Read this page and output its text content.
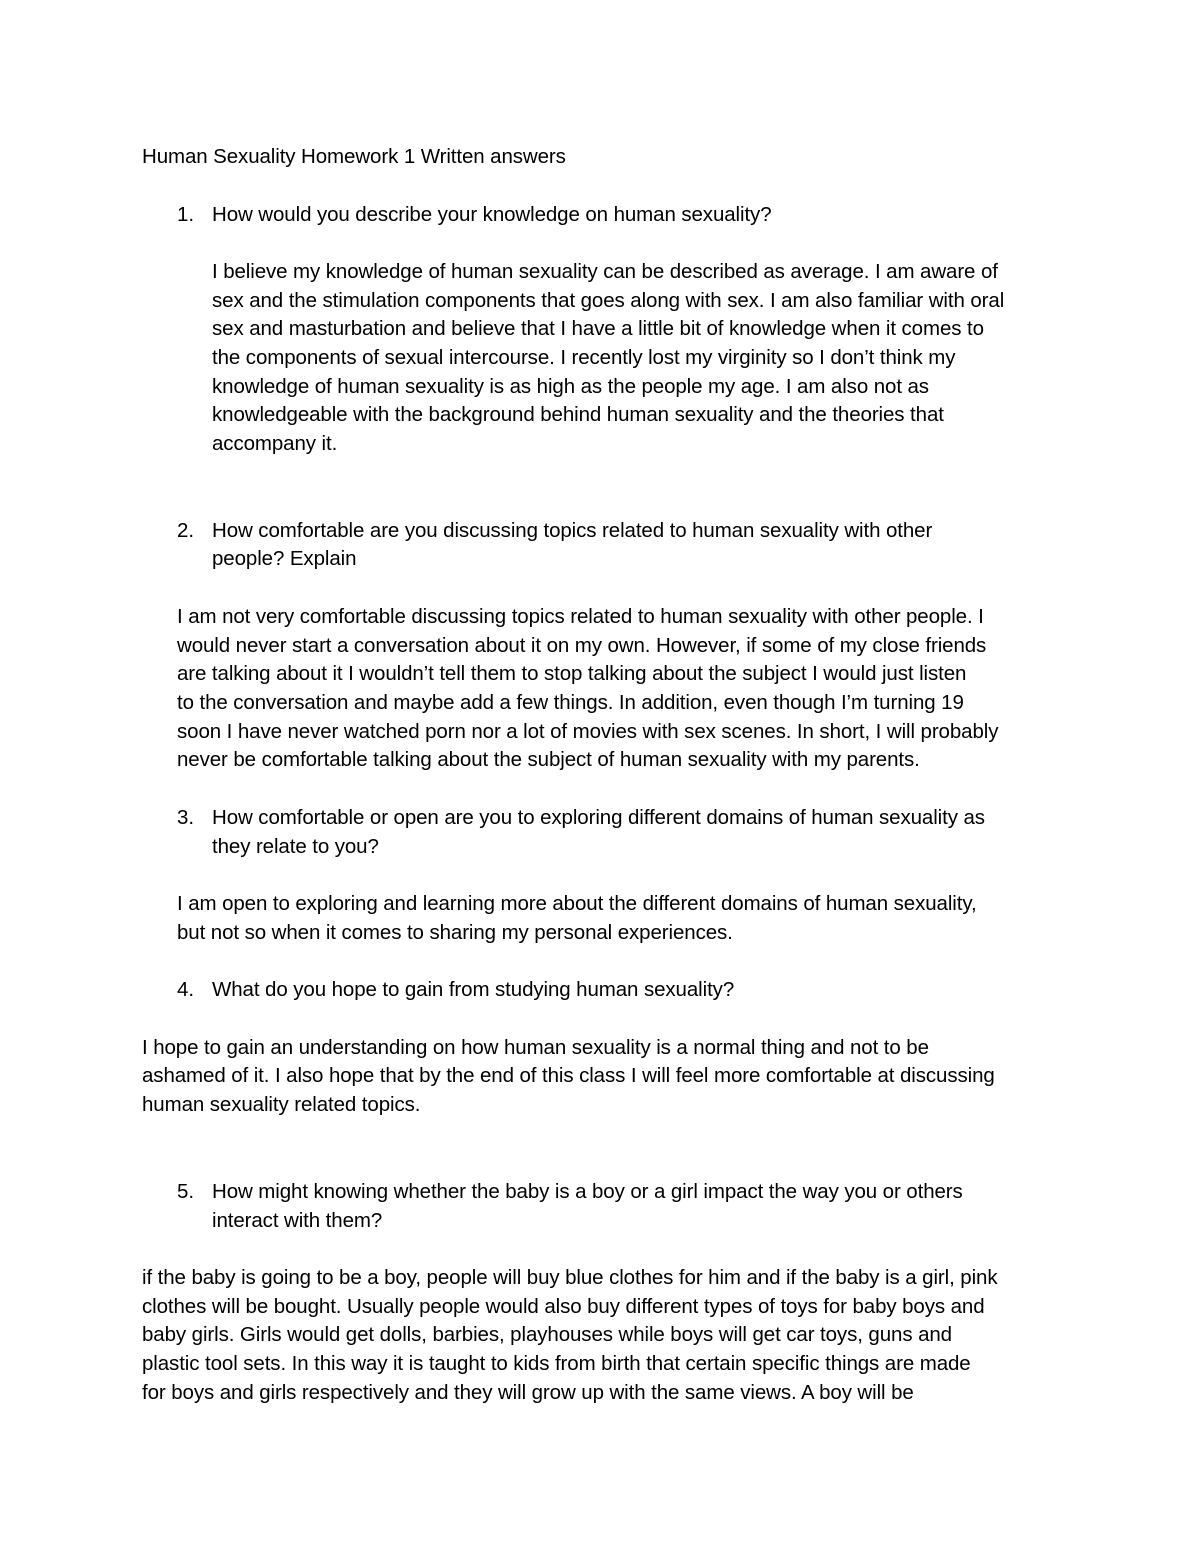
Human Sexuality Homework 1 Written answers
1. How would you describe your knowledge on human sexuality?
I believe my knowledge of human sexuality can be described as average. I am aware of
sex and the stimulation components that goes along with sex. I am also familiar with oral
sex and masturbation and believe that I have a little bit of knowledge when it comes to
the components of sexual intercourse. I recently lost my virginity so I don’t think my
knowledge of human sexuality is as high as the people my age. I am also not as
knowledgeable with the background behind human sexuality and the theories that
accompany it.
2. How comfortable are you discussing topics related to human sexuality with other
people? Explain
I am not very comfortable discussing topics related to human sexuality with other people. I
would never start a conversation about it on my own. However, if some of my close friends
are talking about it I wouldn’t tell them to stop talking about the subject I would just listen
to the conversation and maybe add a few things. In addition, even though I’m turning 19
soon I have never watched porn nor a lot of movies with sex scenes. In short, I will probably
never be comfortable talking about the subject of human sexuality with my parents.
3. How comfortable or open are you to exploring different domains of human sexuality as
they relate to you?
I am open to exploring and learning more about the different domains of human sexuality,
but not so when it comes to sharing my personal experiences.
4. What do you hope to gain from studying human sexuality?
I hope to gain an understanding on how human sexuality is a normal thing and not to be
ashamed of it. I also hope that by the end of this class I will feel more comfortable at discussing
human sexuality related topics.
5. How might knowing whether the baby is a boy or a girl impact the way you or others
interact with them?
if the baby is going to be a boy, people will buy blue clothes for him and if the baby is a girl, pink
clothes will be bought. Usually people would also buy different types of toys for baby boys and
baby girls. Girls would get dolls, barbies, playhouses while boys will get car toys, guns and
plastic tool sets. In this way it is taught to kids from birth that certain specific things are made
for boys and girls respectively and they will grow up with the same views. A boy will be
